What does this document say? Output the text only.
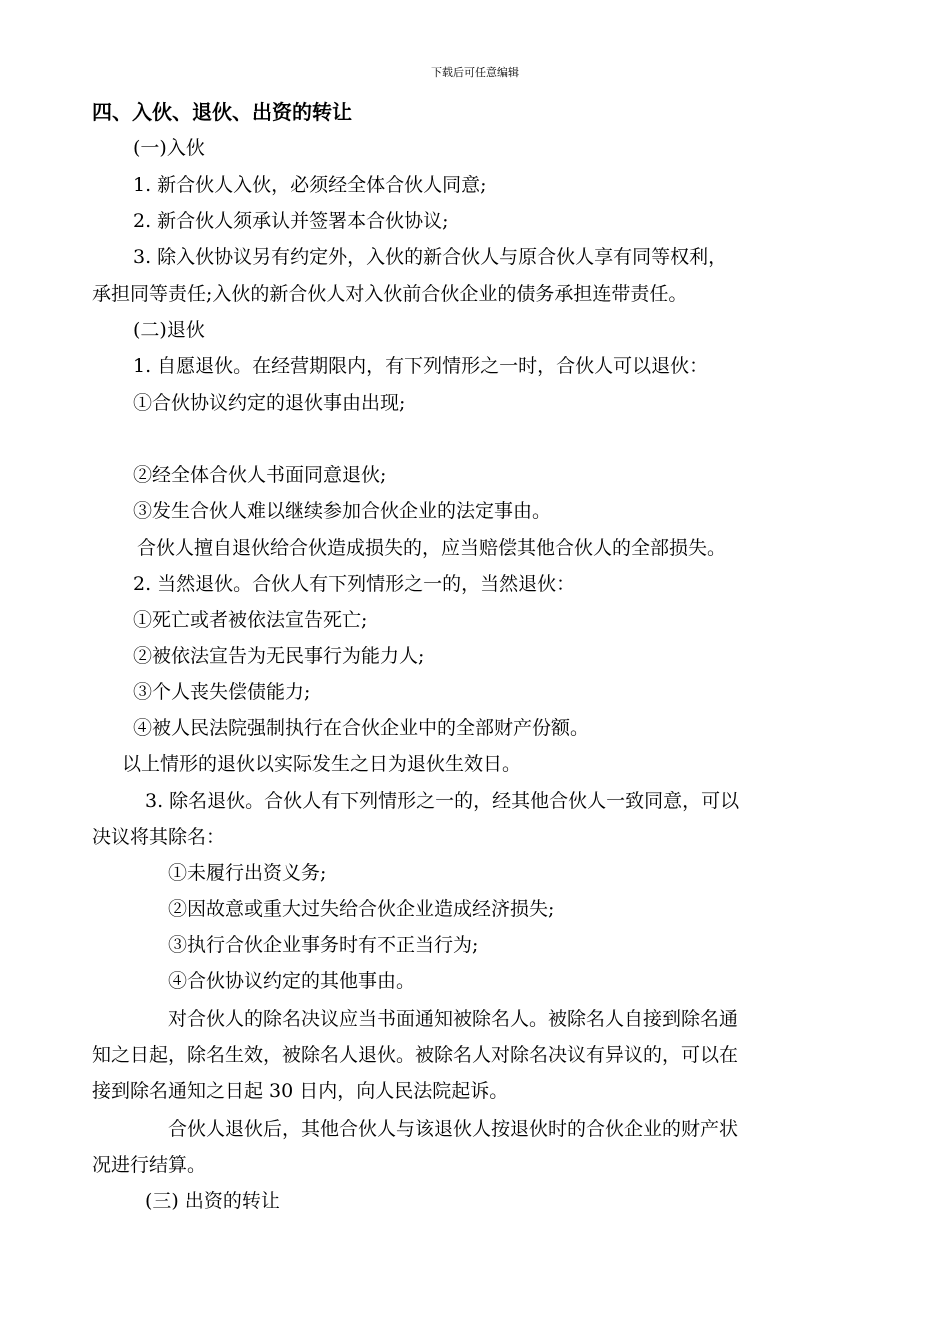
下载后可任意编辑
四、入伙、退伙、出资的转让
(一)入伙
1. 新合伙人入伙，必须经全体合伙人同意;
2. 新合伙人须承认并签署本合伙协议;
3. 除入伙协议另有约定外，入伙的新合伙人与原合伙人享有同等权利，
承担同等责任;入伙的新合伙人对入伙前合伙企业的债务承担连带责任。
(二)退伙
1. 自愿退伙。在经营期限内，有下列情形之一时，合伙人可以退伙：
①合伙协议约定的退伙事由出现;
②经全体合伙人书面同意退伙;
③发生合伙人难以继续参加合伙企业的法定事由。
合伙人擅自退伙给合伙造成损失的，应当赔偿其他合伙人的全部损失。
2. 当然退伙。合伙人有下列情形之一的，当然退伙：
①死亡或者被依法宣告死亡;
②被依法宣告为无民事行为能力人;
③个人丧失偿债能力;
④被人民法院强制执行在合伙企业中的全部财产份额。
以上情形的退伙以实际发生之日为退伙生效日。
3. 除名退伙。合伙人有下列情形之一的，经其他合伙人一致同意，可以
决议将其除名：
①未履行出资义务;
②因故意或重大过失给合伙企业造成经济损失;
③执行合伙企业事务时有不正当行为;
④合伙协议约定的其他事由。
对合伙人的除名决议应当书面通知被除名人。被除名人自接到除名通
知之日起，除名生效，被除名人退伙。被除名人对除名决议有异议的，可以在
接到除名通知之日起 30 日内，向人民法院起诉。
合伙人退伙后，其他合伙人与该退伙人按退伙时的合伙企业的财产状
况进行结算。
(三) 出资的转让
